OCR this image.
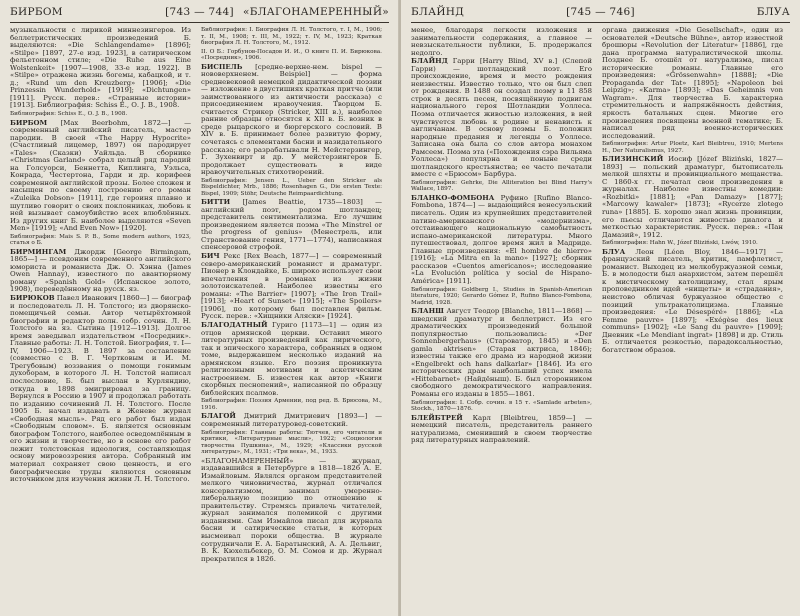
БИРБОМ	[743 — 744] «БЛАГОНАМЕРЕННЫЙ»

музыкальности с лирикой миннезингеров. Из беллетристических произведений Б. выделяются: «Die Schlangendame» [1896]; «Stilpe» [1897, 27-е изд. 1923], в сатирическом фельетонном стиле; «Die Ruhe aus Eine Wolstenkeit» [1907—1908, 33-е изд. 1922]. В «Stilpe» отражена жизнь богемы, кабацкой, и т. д.; «Rund um den Kreuzberg» [1906]; «Die Prinzessin Wunderhold» [1919]; «Dichtungen» [1911]. Русск. перев.: «Странные истории» [1913]. Библиография: Schiss E., О. J. В., 1908.

Библиография: Schiss E., О. J. В., 1908.

БИРБОМ [Max Beerbohm, 1872—] — современный английский писатель, мастер пародии. В своей «The Happy Hypocrite» (Счастливый лицемер, 1897) он пародирует «Тales» (Сказки) Уайльда. В сборнике «Christmas Garland» собрал целый ряд пародий на Голсуорси, Беннетта, Киплинга, Уэльса, Конрада, Честертона, Гарди и др. корифеев современной английской прозы. Более сложен и насыщен по своему построению его роман «Zuleika Dobson» [1911], где героиня плавно и шутливо говорит о своих поклонниках, любовь к ней вызывает самоубийство всех влюблённых. Из других книг Б. наиболее выделяются «Seven Men» [1919]; «And Even Now» [1920].

Библиография: Mais S. P. B., Some modern authors, 1923, статья о Б.

БИРМИНГАМ Джордж [George Birmingam, 1865—] — псевдоним современного английского юмориста и романиста Дж. О. Хэнна (James Owen Hannay), известного по авантюрному роману «Spanish Gold» (Испанское золото, 1908), переведённому на русск. яз.

БИРЮКОВ Павел Иванович [1860—] — биограф и последователь Л. Н. Толстого; из дворянско-помещичьей семьи. Автор четырёхтомной биографии и редактор полн. собр. сочин. Л. Н. Толстого на яз. Сытина [1912—1913]. Долгое время заведывал издательством «Посредник». Главные работы: Л. Н. Толстой. Биография, т. I—IV, 1906—1923. В 1897 за составление (совместно с В. Г. Чертковым и И. М. Трегубовым) воззвания о помощи гонимым духоборам, в которого Л. Н. Толстой написал послесловие, Б. был выслан в Курляндию, откуда в 1898 эмигрировал за границу. Вернулся в Россию в 1907 и продолжал работать по изданию сочинений Л. Н. Толстого. После 1905 Б. начал издавать в Женеве журнал «Свободная мысль». Ряд его работ был издан «Свободным словом». Б. является основным биографом Толстого, наиболее осведомлённым в его жизни и творчестве, но в основе его работ лежит толстовская идеология, составляющая основу мировоззрения автора. Собранный им материал сохраняет свою ценность, и его биографические труды являются основным источником для изучения жизни Л. Н. Толстого.

Библиография: I. Биография Л. Н. Толстого, т. I, М., 1906; т. II, М., 1908; т. III, М., 1922; т. IV, М., 1923; Краткая биография Л. Н. Толстого, М., 1912.

II. О Б.: Горбунов-Посадов И. И., О книге П. И. Бирюкова. «Посредник», 1906.

БИСПЕЛЬ [средне-верхне-нем. bispel — нововерхненем. Beispiel] — форма средневековой немецкой дидактической поэзии — изложение в двустишиях краткая притча (или заимствованного из античности рассказа) с присоединением нравоучения. Творцом Б. считается Стрикер (Stricker, XIII в.), наиболее ранние образцы относятся к XII в. Б. возник в среде рыцарского и бюргерского сословий. В XIV в. Б. принимает более развитую форму, сочетаясь с элементами басни и назидательного рассказа; его разрабатывали Н. Мейстерзингер, Г. Зухенвирт и др. У мейстерзингеров Б. продолжает существовать в виде нравоучительных стихотворений.

Библиография: Jensen L., Ueber den Stricker als Bispeldichter, Mrb., 1886; Rosenhagen G., Die ersten Texte: Bispel, 1909; Stöhr, Deutsche Reimpaardichtung.

БИТТИ [James Beattie, 1735—1803] — английский поэт, родом шотландец; представитель сентиментализма. Его лучшим произведением является поэма «The Minstrel or the progress of genius» (Менестрель, или Странствование гения, 1771—1774), написанная спенсеровой строфой.

БИЧ Рекс [Rex Beach, 1877—] — современный северо-американский романист и драматург. Пионер в Клондайке, Б. широко использует свои впечатления в романах из жизни золотоискателей. Наиболее известны его романы: «The Barrier» [1907]; «The Iron Trail» [1913]; «Heart of Sunset» [1915]; «The Spoilers» [1906], по которому был поставлен фильм. Русск. перев.: «Хищники Аляски» [1924].

БЛАГОДАТНЫЙ Гуриго [1173—1] — один из отцов армянской церкви. Оставил много литературных произведений как лирического, так и эпического характера, собранных в одном томе, выдержавшем несколько изданий на армянском языке. Его поэзия проникнута религиозными мотивами и аскетическим настроением. Б. известен как автор «Книги скорбных песнопений», написанной по образцу библейских псалмов.

Библиография: Поэзия Армении, под ред. В. Брюсова, М., 1916.

БЛАГОЙ Дмитрий Дмитриевич [1893—] — современный литературовед-советский.

Библиография: Главные работы: Тютчев, его читатели и критики, «Литературные мысли», 1922; «Социология творчества Пушкина», М., 1929; «Классики русской литературы», М., 1931; «Три века», М., 1933.

«БЛАГОНАМЕРЕННЫЙ» — журнал, издававшийся в Петербурге в 1818—1826 А. Е. Измайловым. Являлся органом представителей мелкого чиновничества, журнал отличался консерватизмом, занимал умеренно-либеральную позицию по отношению к правительству. Стремясь привлечь читателей, журнал занимался полемикой с другими изданиями. Сам Измайлов писал для журнала басни и сатирические статьи, в которых высмеивал пороки общества. В журнале сотрудничали Е. А. Баратынский, А. А. Дельвиг, В. К. Кюхельбекер, О. М. Сомов и др. Журнал прекратился в 1826.

БЛАЙНД	[745 — 746]	БЛУА

менее, благодаря легкости изложения и занимательности содержания, а главное — невзыскательности публики, Б. продержался недолго.

БЛАЙНД Гарри [Harry Blind, XV в.] (Слепой Гарри) — шотландский поэт. Его происхождение, время и место рождения неизвестны. Известно только, что он был слеп от рождения. В 1488 он создал поэму в 11 858 строк в десять песен, посвящённую подвигам национального героя Шотландии Уоллеса. Поэма отличается живостью изложения, в ней чувствуется любовь к родине и ненависть к англичанам. В основу поэмы Б. положил народные предания и легенды о Уоллесе. Записана она была со слов автора монахом Рамсеем. Поэма эта («Похождения сэра Вильяма Уоллеса») популярна и поныне среди шотландского крестьянства; ее часто печатали вместе с «Брюсом» Барбура.

Библиография: Gehrke, Die Alliteration bei Blind Harry's Wallace, 1897.

БЛАНКО-ФОМБОНА Руфино [Rufino Blanco-Fombona, 1874—] — выдающийся венесуэльский писатель. Один из крупнейших представителей латино-американского «модернизма», отстаивающего национальную самобытность испано-американской литературы. Много путешествовал, долгое время жил в Мадриде. Главные произведения: «El hombre de hierro» [1916]; «La Mitra en la mano» [1927]; сборник рассказов «Cuentos americanos»; исследование «La Evolución política y social de Hispano-América» [1911].

Библиография: Goldberg I., Studies in Spanish-American literature, 1920; Gerardo Gómez P., Rufino Blanco-Fombona, Madrid, 1928.

БЛАНШ Август Теодор [Blanche, 1811—1868] — шведский драматург и беллетрист. Из его драматических произведений большой популярностью пользовались: «Der Sonnenbergerhaus» (Староватор, 1845) и «Den gamla aktrisen» (Старая актриса, 1846); известны также его драма из народной жизни «Engelbrekt och hans dalkarlar» [1846]. Из его исторических драм наибольший успех имела «Hittebarnet» (Найдёныш). Б. был сторонником свободного демократического направления. Романы его изданы в 1855—1861.

Библиография: I. Собр. сочин. в 15 т. «Samlade arbeten», Stockh., 1870—1876.

БЛЕЙБТРЕЙ Карл [Bleibtreu, 1859—] — немецкий писатель, представитель раннего натурализма, сменивший в своем творчестве ряд литературных направлений.

органа движения «Die Gesellschaft», один из основателей «Deutsche Bühne», автор известной брошюры «Revolution der Literatur» [1886], где дана программа натуралистической школы. Позднее Б. отошёл от натурализма, писал исторические романы. Главные его произведения: «Grössenwahn» [1888]; «Die Propaganda der Tat» [1895]; «Napoleon bei Leipzig»; «Karma» [1893]; «Das Geheimnis von Wagram». Для творчества Б. характерна стремительность и напряжённость действия, яркость батальных сцен. Многие его произведения посвящены военной тематике; Б. написал ряд военно-исторических исследований.

Библиография: Artur Ploetz, Karl Bleibtreu, 1910; Mertens H., Der Naturalismus, 1927.

БЛИЗИНСКИЙ Иосиф [Józef Bliziński, 1827—1893] — польский драматург, бытописатель мелкой шляхты и провинциального мещанства. С 1860-х гг. печатал свои произведения в журналах. Наиболее известны комедии: «Rozbitki» [1881]; «Pan Damazy» [1877]; «Marcowy kawaler» [1873]; «Rycerze zlotego runa» [1885]. Б. хорошо знал жизнь провинции, его пьесы отличаются живостью диалога и меткостью характеристик. Русск. перев.: «Пан Дамазий», 1912.

Библиография: Hahn W., Józef Bliziński, Lwów, 1910.

БЛУА Леон [Léon Bloy, 1846—1917] — французский писатель, критик, памфлетист, романист. Выходец из мелкобуржуазной семьи, Б. в молодости был анархистом, затем перешёл к мистическому католицизму, стал ярым проповедником идей «нищеты» и «страдания», неистово обличая буржуазное общество с позиций ультракатолицизма. Главные произведения: «Le Désespéré» [1886]; «La Femme pauvre» [1897]; «Exégèse des lieux communs» [1902]; «Le Sang du pauvre» [1909]; Дневник «Le Mendiant ingrat» [1898] и др. Стиль Б. отличается резкостью, парадоксальностью, богатством образов.
